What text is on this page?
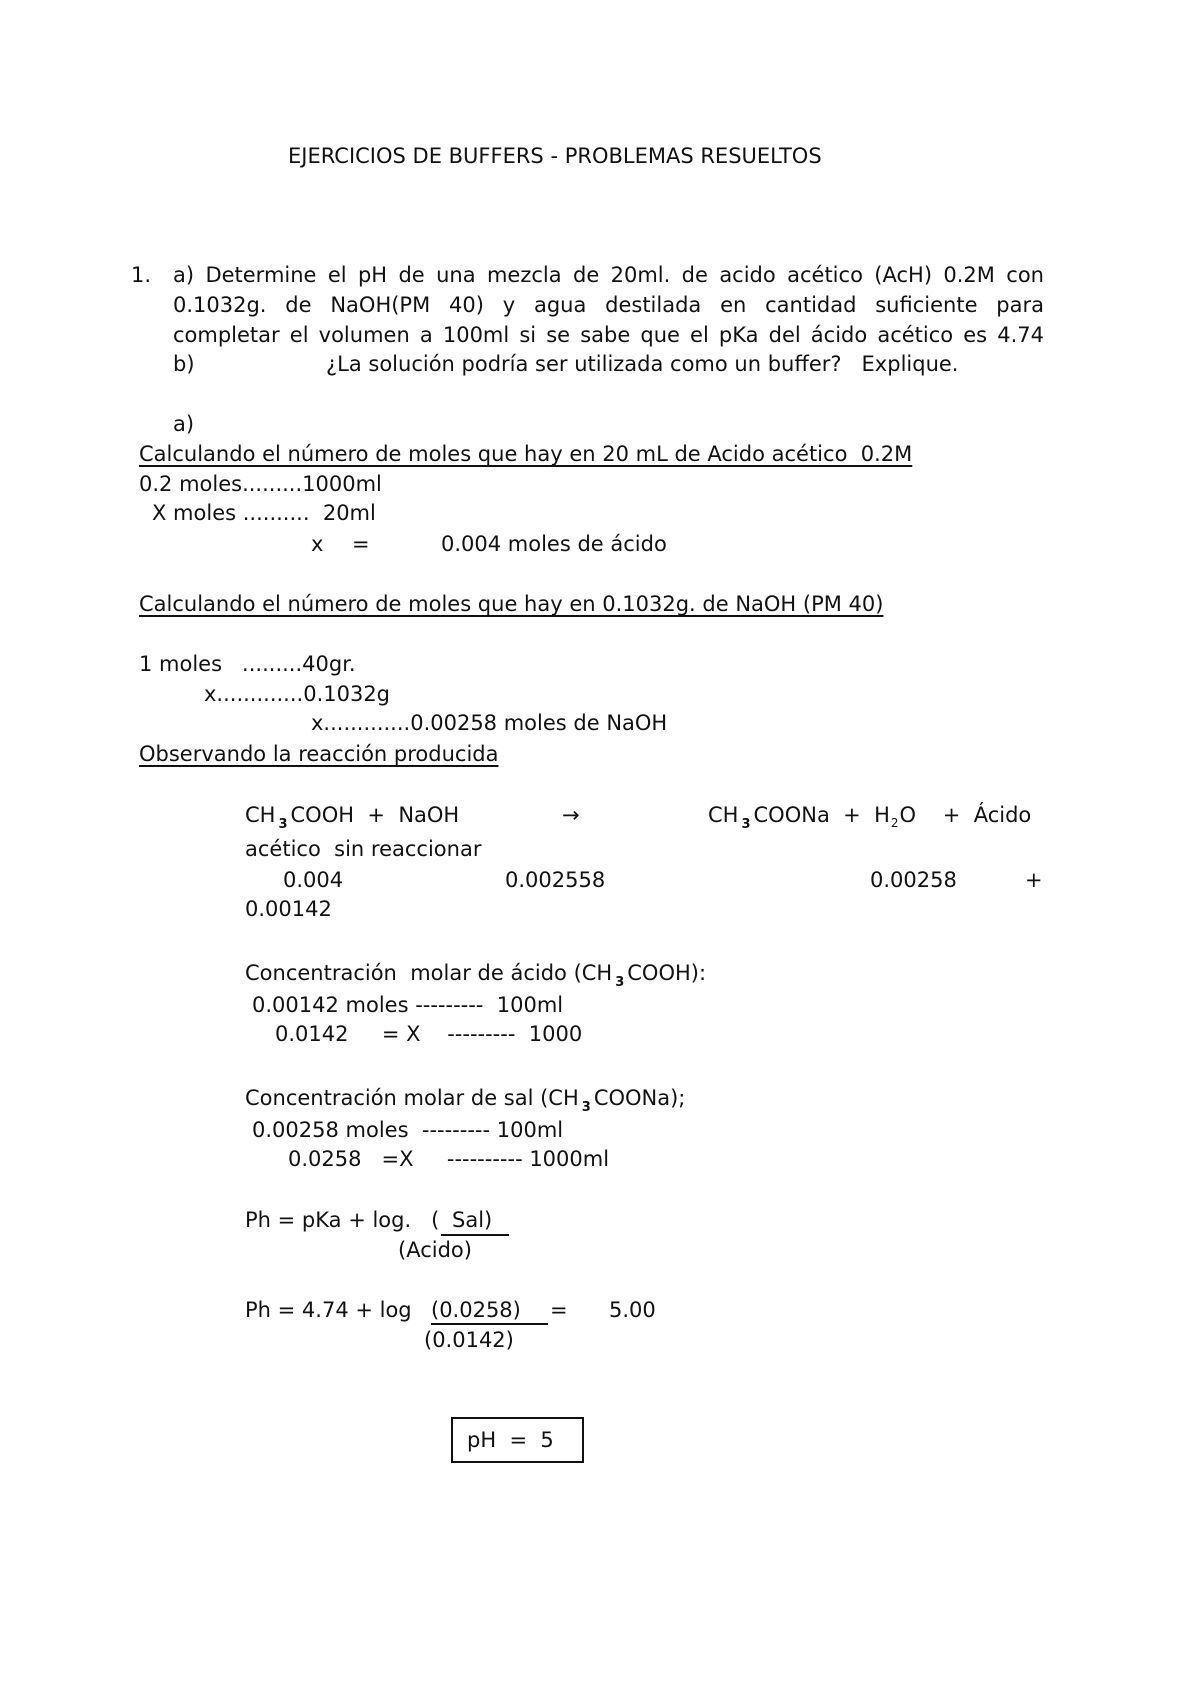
EJERCICIOS DE BUFFERS - PROBLEMAS RESUELTOS
1. a) Determine el pH de una mezcla de 20ml. de acido acético (AcH) 0.2M con
0.1032g. de NaOH(PM 40) y agua destilada en cantidad suficiente para
completar el volumen a 100ml si se sabe que el pKa del ácido acético es 4.74
b)	¿La solución podría ser utilizada como un buffer?   Explique.
a)
Calculando el número de moles que hay en 20 mL de Acido acético  0.2M
0.2 moles.........1000ml
X moles ..........  20ml
x =	0.004 moles de ácido
Calculando el número de moles que hay en 0.1032g. de NaOH (PM 40)
1 moles   .........40gr.
x.............0.1032g
x.............0.00258 moles de NaOH
Observando la reacción producida
CH $_3$ COOH  +  NaOH	→	CH $_3$ COONa  +  $H_2O$    +  Ácido
acético  sin reaccionar
0.004	0.002558	0.00258	+
0.00142
Concentración  molar de ácido (CH $_3$ COOH):
0.00142 moles ---------  100ml
0.0142     = X    ---------  1000
Concentración molar de sal (CH $_3$ COONa);
0.00258 moles  --------- 100ml
0.0258   =X     ---------- 1000ml
Ph = pKa + log.   ( Sal)
(Acido)
Ph = 4.74 + log (0.0258) = 5.00
(0.0142)
pH  =  5
